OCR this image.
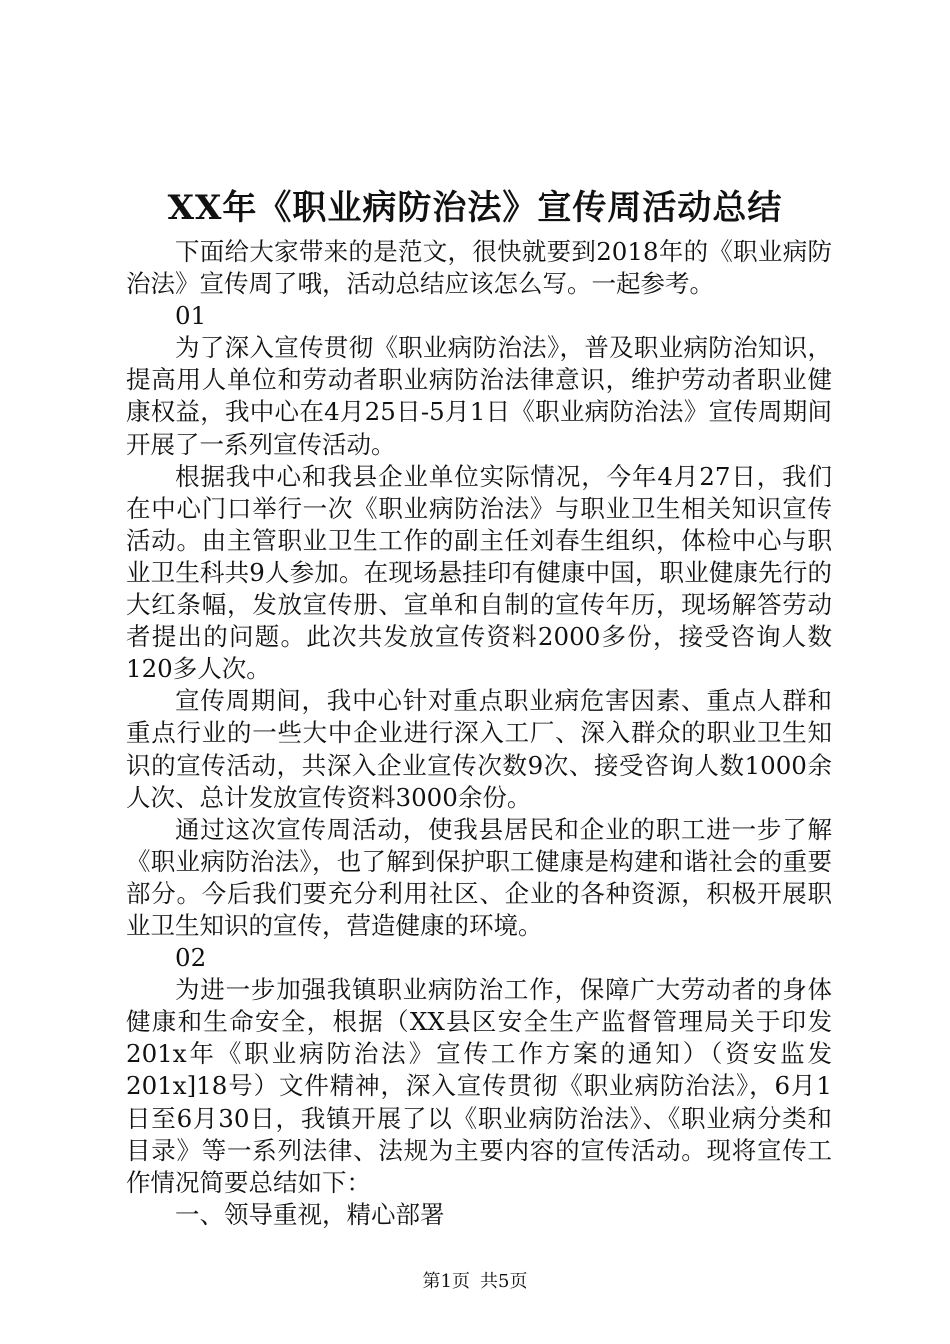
XX年《职业病防治法》宣传周活动总结

下面给大家带来的是范文，很快就要到2018年的《职业病防治法》宣传周了哦，活动总结应该怎么写。一起参考。

01

为了深入宣传贯彻《职业病防治法》，普及职业病防治知识，提高用人单位和劳动者职业病防治法律意识，维护劳动者职业健康权益，我中心在4月25日-5月1日《职业病防治法》宣传周期间开展了一系列宣传活动。

根据我中心和我县企业单位实际情况，今年4月27日，我们在中心门口举行一次《职业病防治法》与职业卫生相关知识宣传活动。由主管职业卫生工作的副主任刘春生组织，体检中心与职业卫生科共9人参加。在现场悬挂印有健康中国，职业健康先行的大红条幅，发放宣传册、宣单和自制的宣传年历，现场解答劳动者提出的问题。此次共发放宣传资料2000多份，接受咨询人数120多人次。

宣传周期间，我中心针对重点职业病危害因素、重点人群和重点行业的一些大中企业进行深入工厂、深入群众的职业卫生知识的宣传活动，共深入企业宣传次数9次、接受咨询人数1000余人次、总计发放宣传资料3000余份。

通过这次宣传周活动，使我县居民和企业的职工进一步了解《职业病防治法》，也了解到保护职工健康是构建和谐社会的重要部分。今后我们要充分利用社区、企业的各种资源，积极开展职业卫生知识的宣传，营造健康的环境。

02

为进一步加强我镇职业病防治工作，保障广大劳动者的身体健康和生命安全，根据（XX县区安全生产监督管理局关于印发201x年《职业病防治法》宣传工作方案的通知）（资安监发201x]18号）文件精神，深入宣传贯彻《职业病防治法》，6月1日至6月30日，我镇开展了以《职业病防治法》、《职业病分类和目录》等一系列法律、法规为主要内容的宣传活动。现将宣传工作情况简要总结如下：

一、领导重视，精心部署

第1页 共5页
